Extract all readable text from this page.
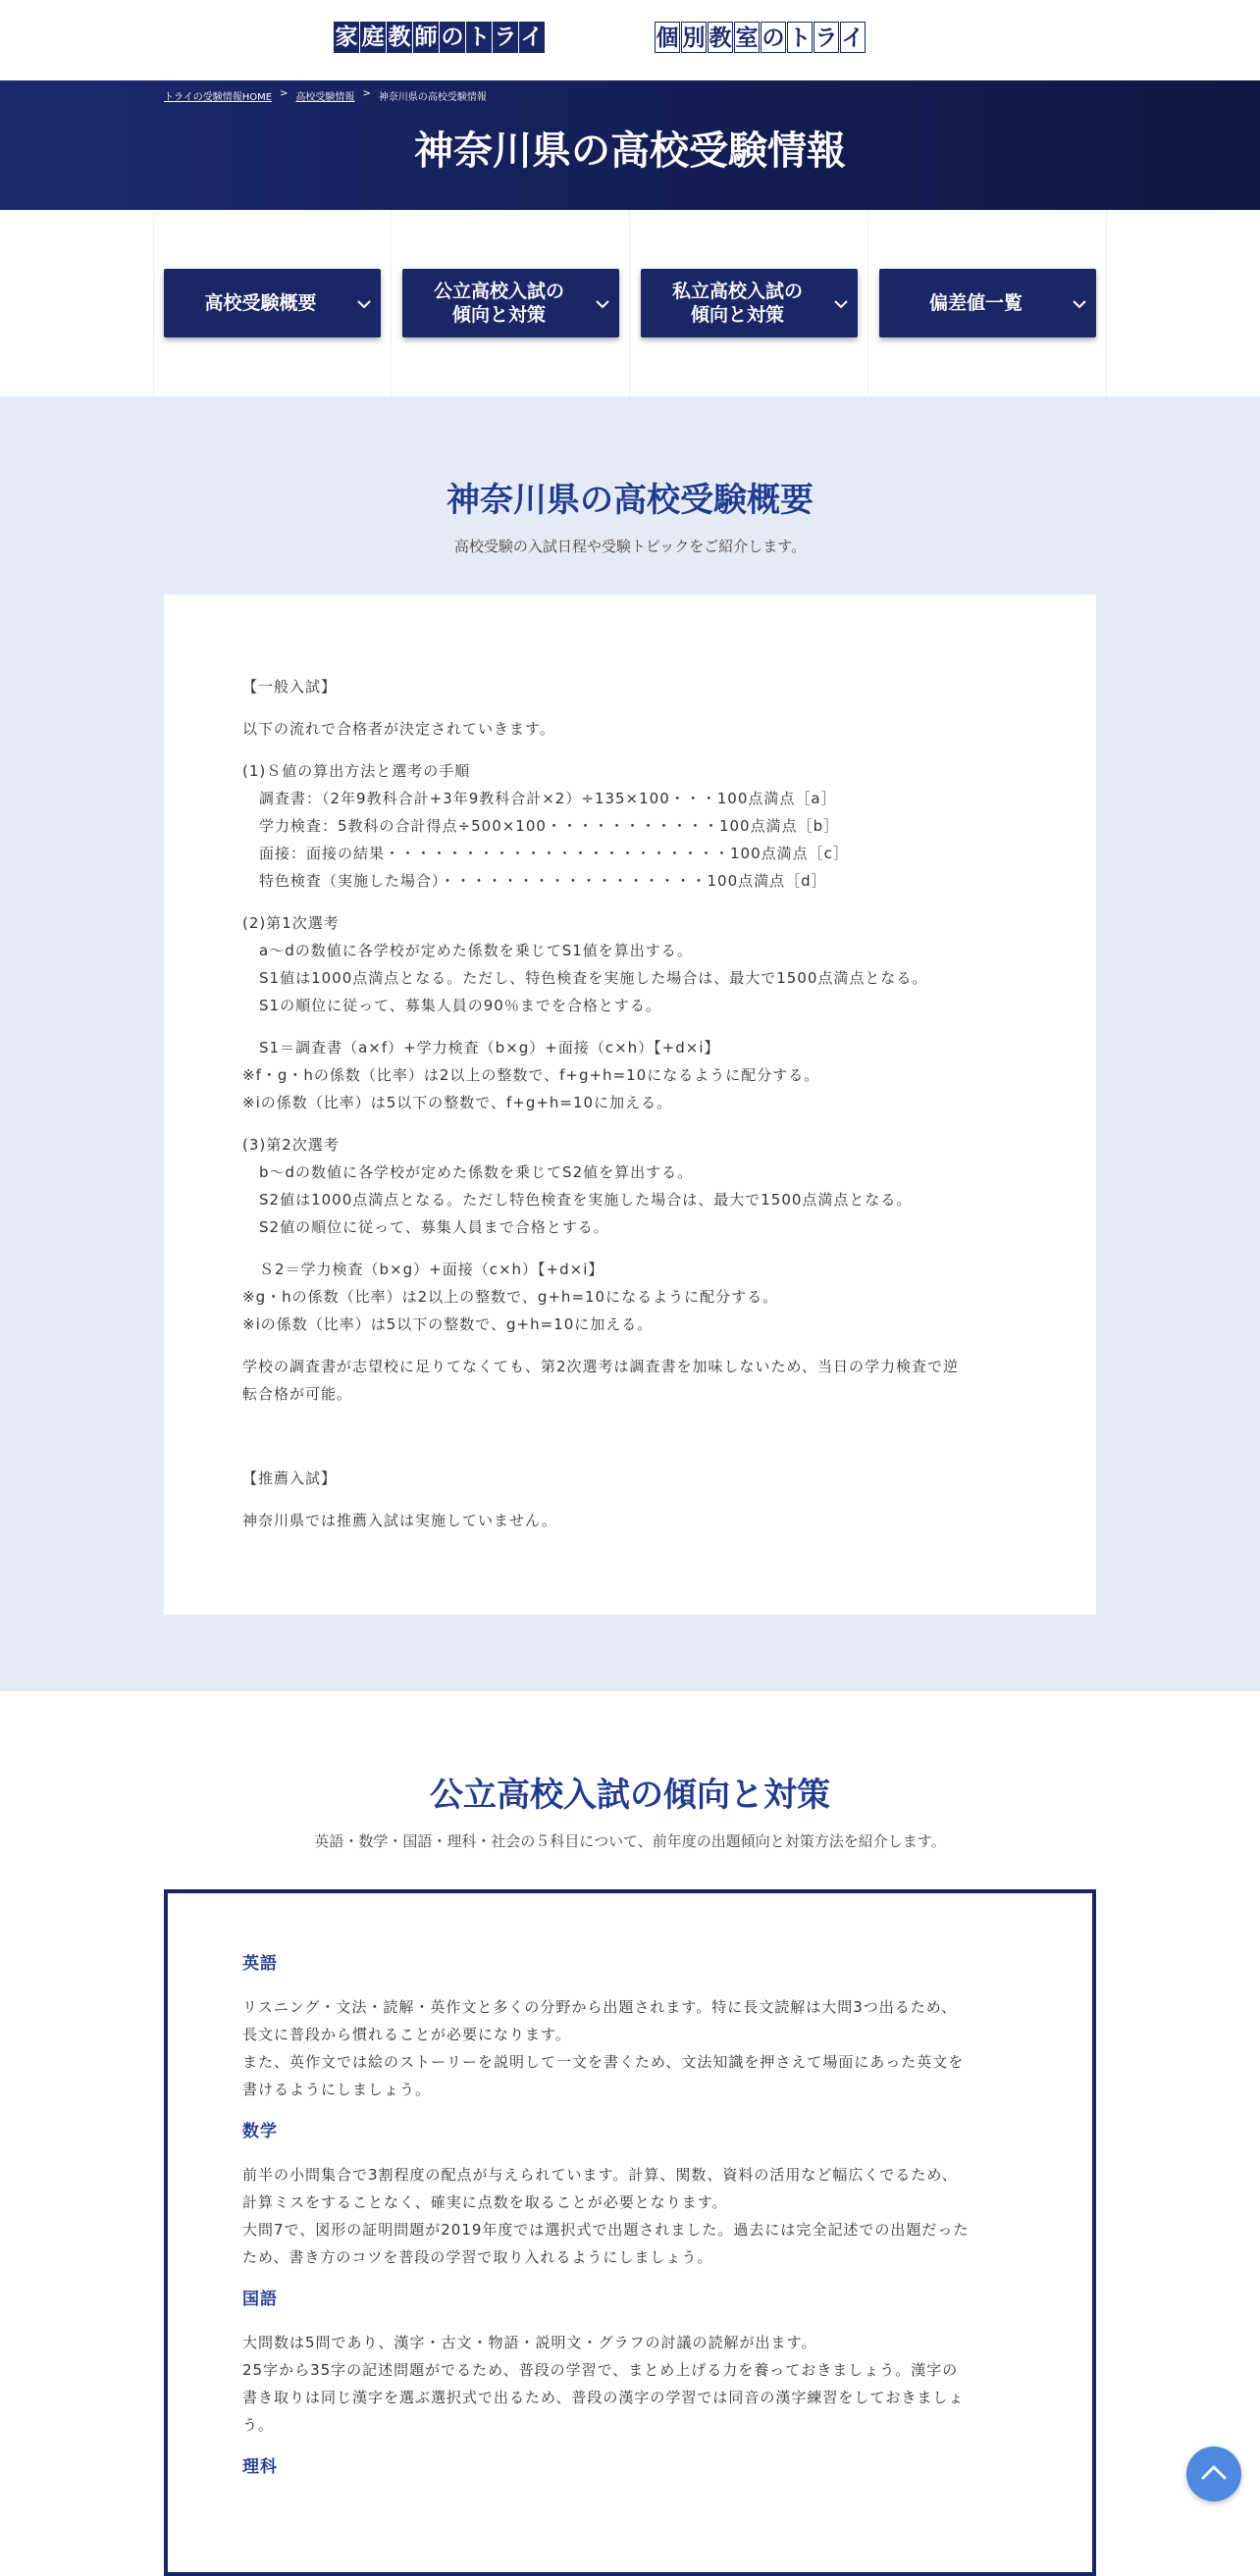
家 庭 教 師 の ト ラ イ	個 別 教 室 の ト ラ イ
トライの受験情報HOME > 高校受験情報 > 神奈川県の高校受験情報
神奈川県の高校受験情報
高校受験概要
公立高校入試の
傾向と対策
私立高校入試の
傾向と対策
偏差値一覧
神奈川県の高校受験概要

高校受験の入試日程や受験トピックをご紹介します。

【一般入試】

以下の流れで合格者が決定されていきます。

(1)Ｓ値の算出方法と選考の手順
調査書：（2年9教科合計+3年9教科合計×2）÷135×100・・・100点満点［a］
学力検査：5教科の合計得点÷500×100・・・・・・・・・・・100点満点［b］
面接：面接の結果・・・・・・・・・・・・・・・・・・・・・・100点満点［c］
特色検査（実施した場合）・・・・・・・・・・・・・・・・・100点満点［d］

(2)第1次選考
a～dの数値に各学校が定めた係数を乗じてS1値を算出する。
S1値は1000点満点となる。ただし、特色検査を実施した場合は、最大で1500点満点となる。
S1の順位に従って、募集人員の90％までを合格とする。

S1＝調査書（a×f）+学力検査（b×g）+面接（c×h）【+d×i】
※f・g・hの係数（比率）は2以上の整数で、f+g+h=10になるように配分する。
※iの係数（比率）は5以下の整数で、f+g+h=10に加える。

(3)第2次選考
b～dの数値に各学校が定めた係数を乗じてS2値を算出する。
S2値は1000点満点となる。ただし特色検査を実施した場合は、最大で1500点満点となる。
S2値の順位に従って、募集人員まで合格とする。

Ｓ2＝学力検査（b×g）+面接（c×h）【+d×i】
※g・hの係数（比率）は2以上の整数で、g+h=10になるように配分する。
※iの係数（比率）は5以下の整数で、g+h=10に加える。

学校の調査書が志望校に足りてなくても、第2次選考は調査書を加味しないため、当日の学力検査で逆
転合格が可能。

【推薦入試】

神奈川県では推薦入試は実施していません。

公立高校入試の傾向と対策

英語・数学・国語・理科・社会の５科目について、前年度の出題傾向と対策方法を紹介します。

英語

リスニング・文法・読解・英作文と多くの分野から出題されます。特に長文読解は大問3つ出るため、
長文に普段から慣れることが必要になります。
また、英作文では絵のストーリーを説明して一文を書くため、文法知識を押さえて場面にあった英文を
書けるようにしましょう。

数学

前半の小問集合で3割程度の配点が与えられています。計算、関数、資料の活用など幅広くでるため、
計算ミスをすることなく、確実に点数を取ることが必要となります。
大問7で、図形の証明問題が2019年度では選択式で出題されました。過去には完全記述での出題だった
ため、書き方のコツを普段の学習で取り入れるようにしましょう。

国語

大問数は5問であり、漢字・古文・物語・説明文・グラフの討議の読解が出ます。
25字から35字の記述問題がでるため、普段の学習で、まとめ上げる力を養っておきましょう。漢字の
書き取りは同じ漢字を選ぶ選択式で出るため、普段の漢字の学習では同音の漢字練習をしておきましょ
う。

理科
